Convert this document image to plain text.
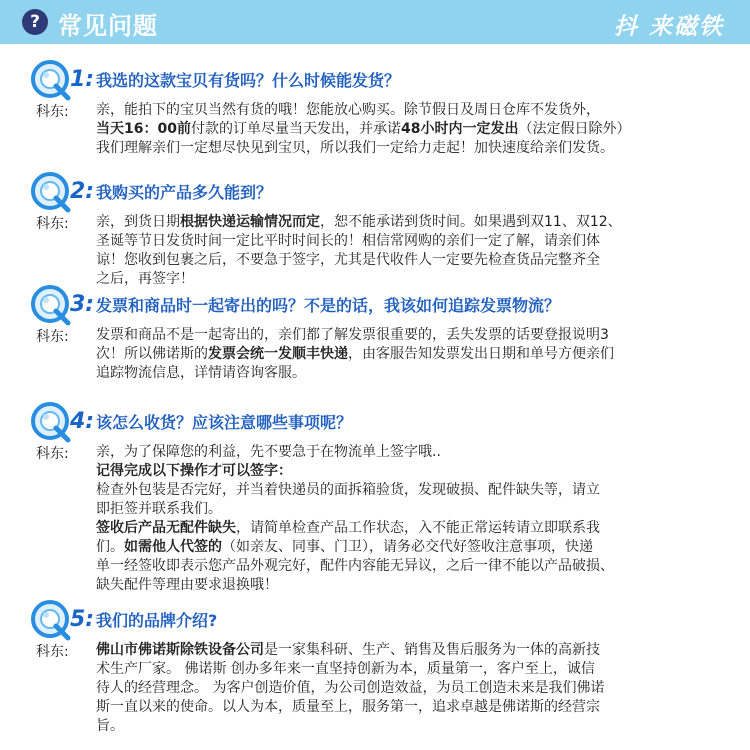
? 常见问题	抖 来磁铁
1: 我选的这款宝贝有货吗？什么时候能发货？
科东: 亲，能拍下的宝贝当然有货的哦！您能放心购买。除节假日及周日仓库不发货外，

当天16：00前付款的订单尽量当天发出，并承诺48小时内一定发出（法定假日除外）

我们理解亲们一定想尽快见到宝贝，所以我们一定给力走起！加快速度给亲们发货。

2: 我购买的产品多久能到？
科东: 亲，到货日期根据快递运输情况而定，恕不能承诺到货时间。如果遇到双11、双12、

圣诞等节日发货时间一定比平时时间长的！相信常网购的亲们一定了解，请亲们体

谅！您收到包裹之后，不要急于签字，尤其是代收件人一定要先检查货品完整齐全

之后，再签字！

3: 发票和商品时一起寄出的吗？不是的话，我该如何追踪发票物流？
科东: 发票和商品不是一起寄出的，亲们都了解发票很重要的，丢失发票的话要登报说明3

次！所以佛诺斯的发票会统一发顺丰快递，由客服告知发票发出日期和单号方便亲们

追踪物流信息，详情请咨询客服。

4: 该怎么收货？应该注意哪些事项呢？
科东: 亲，为了保障您的利益，先不要急于在物流单上签字哦..

记得完成以下操作才可以签字：

检查外包装是否完好，并当着快递员的面拆箱验货，发现破损、配件缺失等，请立

即拒签并联系我们。

签收后产品无配件缺失，请简单检查产品工作状态，入不能正常运转请立即联系我

们。如需他人代签的（如亲友、同事、门卫），请务必交代好签收注意事项，快递

单一经签收即表示您产品外观完好，配件内容能无异议，之后一律不能以产品破损、

缺失配件等理由要求退换哦！

5: 我们的品牌介绍?
科东: 佛山市佛诺斯除铁设备公司是一家集科研、生产、销售及售后服务为一体的高新技

术生产厂家。 佛诺斯 创办多年来一直坚持创新为本，质量第一，客户至上，诚信

待人的经营理念。 为客户创造价值，为公司创造效益，为员工创造未来是我们佛诺

斯一直以来的使命。以人为本，质量至上，服务第一，追求卓越是佛诺斯的经营宗

旨。
